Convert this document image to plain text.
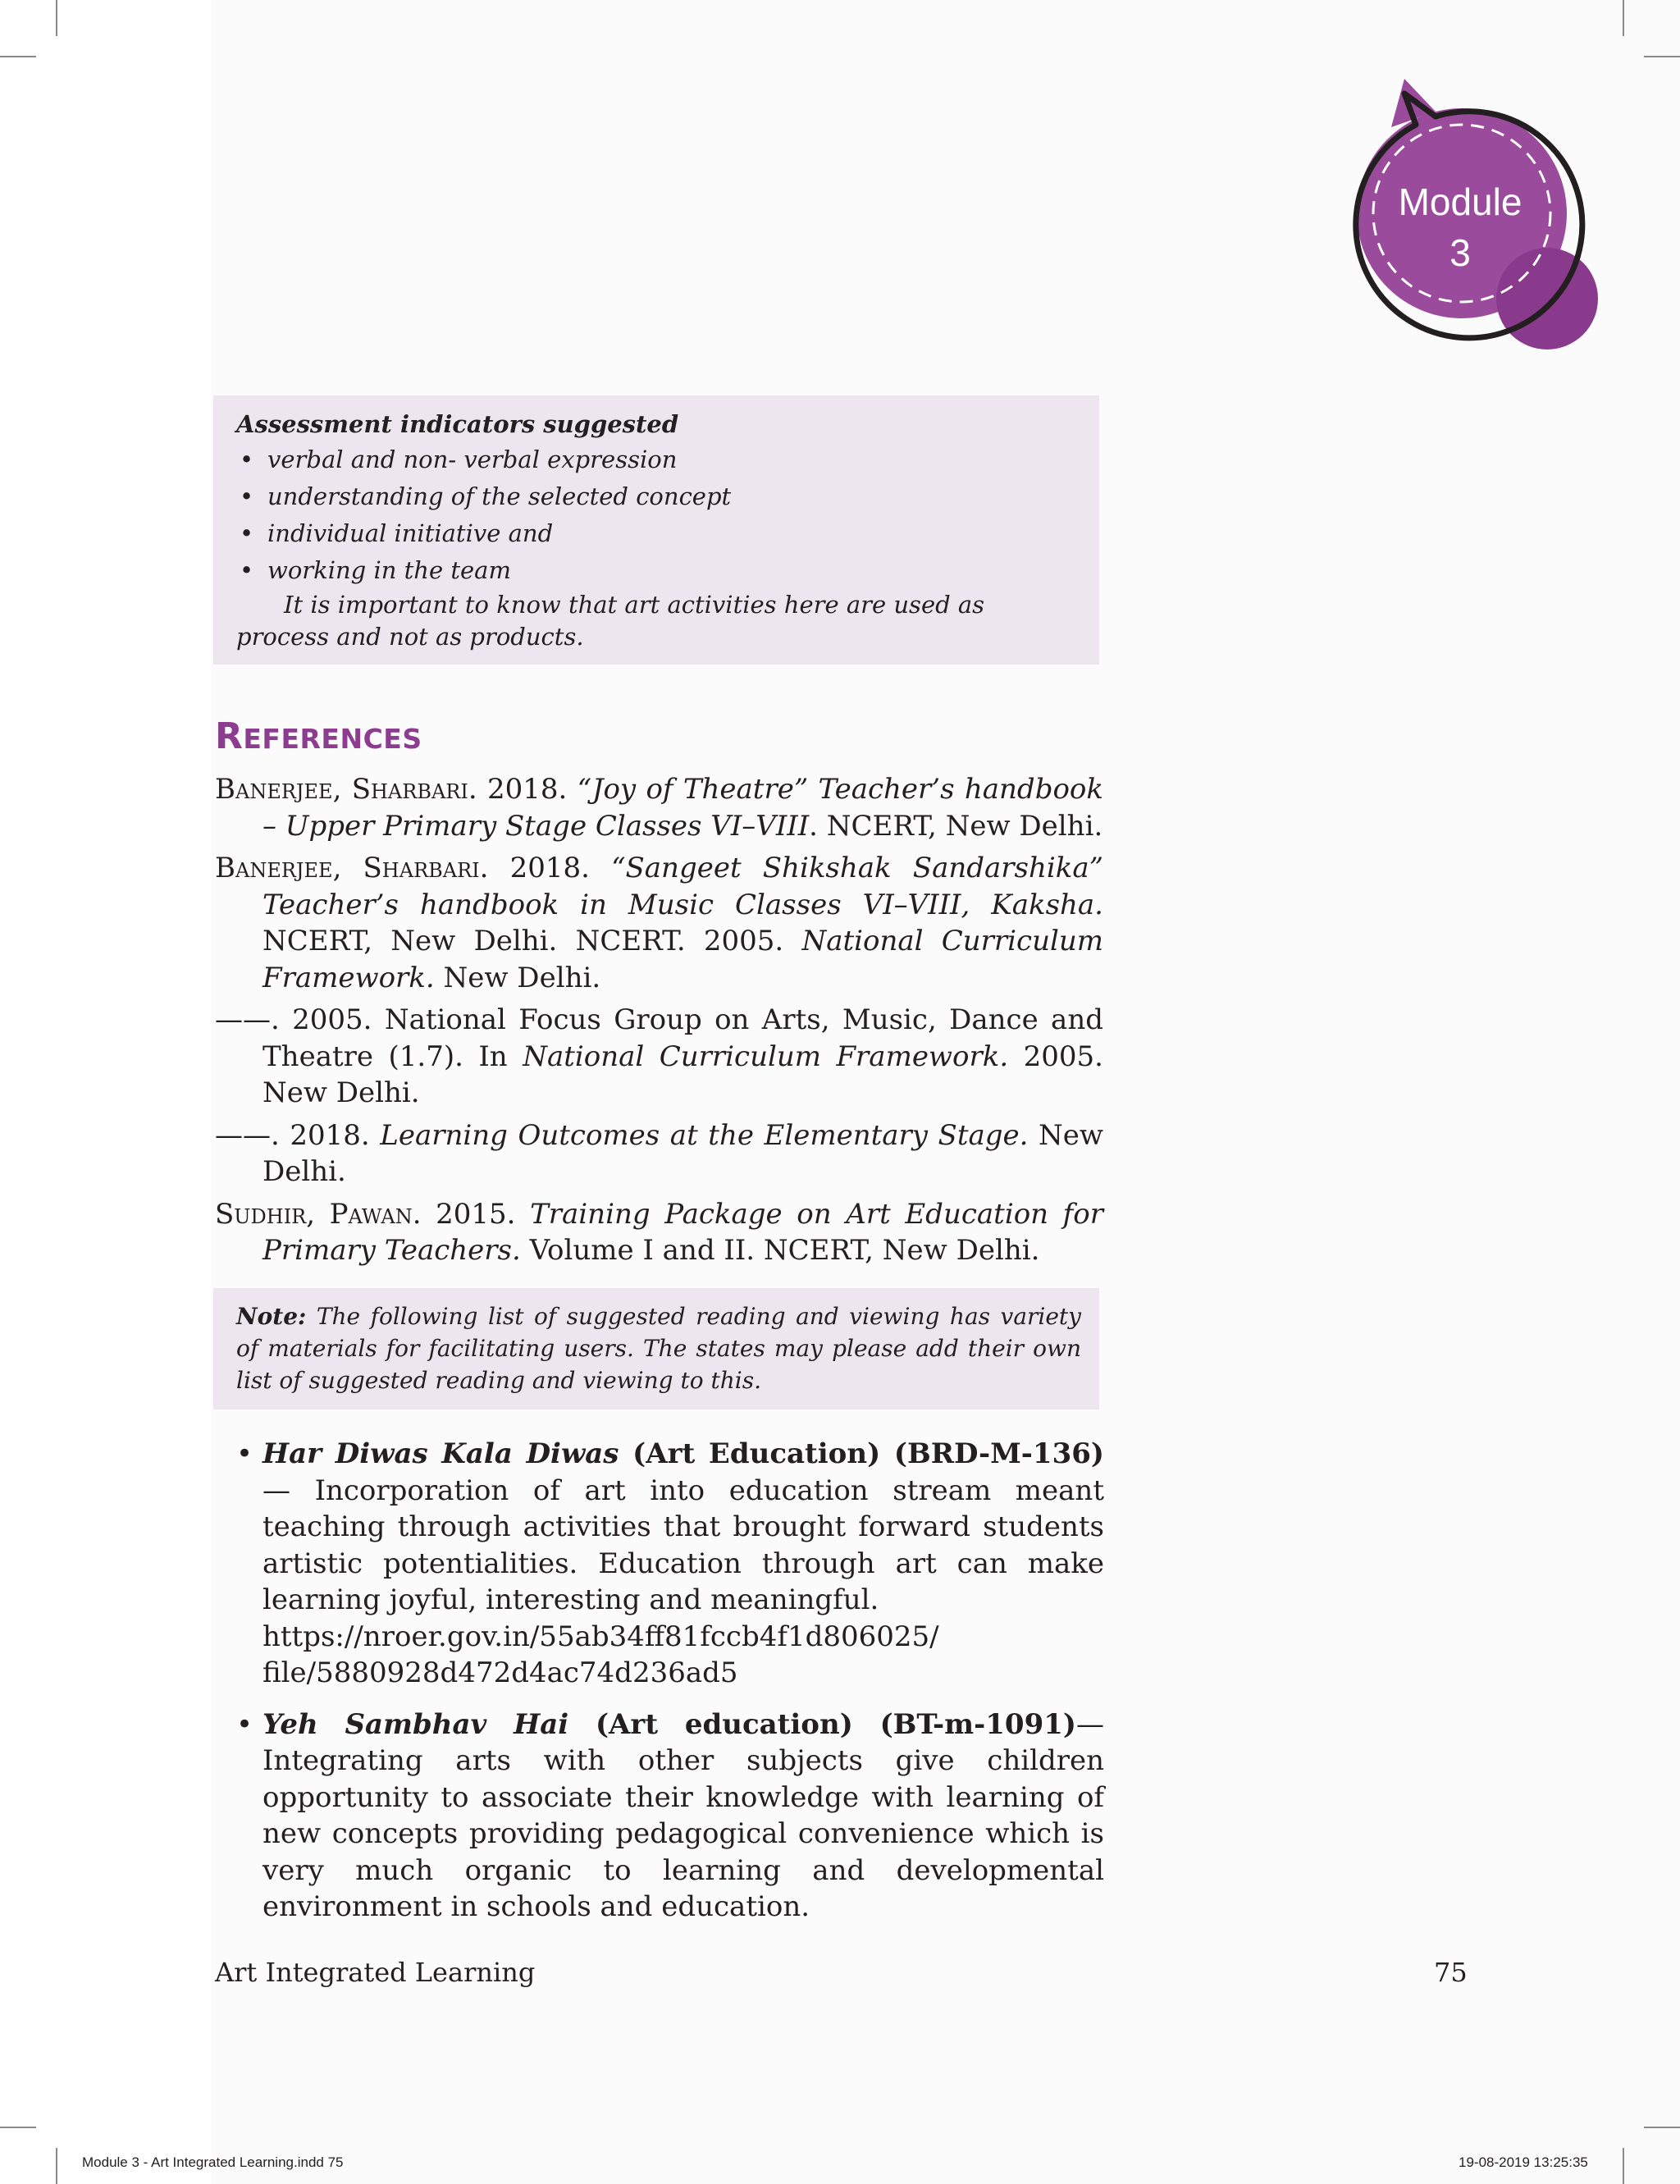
Module
3
Assessment indicators suggested
• verbal and non- verbal expression
• understanding of the selected concept
• individual initiative and
• working in the team

It is important to know that art activities here are used as process and not as products.

REFERENCES
Banerjee, Sharbari. 2018. “Joy of Theatre” Teacher’s handbook – Upper Primary Stage Classes VI–VIII. NCERT, New Delhi.
Banerjee, Sharbari. 2018. “Sangeet Shikshak Sandarshika” Teacher’s handbook in Music Classes VI–VIII, Kaksha. NCERT, New Delhi. NCERT. 2005. National Curriculum Framework. New Delhi.
——. 2005. National Focus Group on Arts, Music, Dance and Theatre (1.7). In National Curriculum Framework. 2005. New Delhi.
——. 2018. Learning Outcomes at the Elementary Stage. New Delhi.
Sudhir, Pawan. 2015. Training Package on Art Education for Primary Teachers. Volume I and II. NCERT, New Delhi.

Note: The following list of suggested reading and viewing has variety of materials for facilitating users. The states may please add their own list of suggested reading and viewing to this.

• Har Diwas Kala Diwas (Art Education) (BRD-M-136)— Incorporation of art into education stream meant teaching through activities that brought forward students artistic potentialities. Education through art can make learning joyful, interesting and meaningful.
https://nroer.gov.in/55ab34ff81fccb4f1d806025/
file/5880928d472d4ac74d236ad5
• Yeh Sambhav Hai (Art education) (BT-m-1091)— Integrating arts with other subjects give children opportunity to associate their knowledge with learning of new concepts providing pedagogical convenience which is very much organic to learning and developmental environment in schools and education.
Art Integrated Learning	75
Module 3 - Art Integrated Learning.indd 75	19-08-2019 13:25:35
